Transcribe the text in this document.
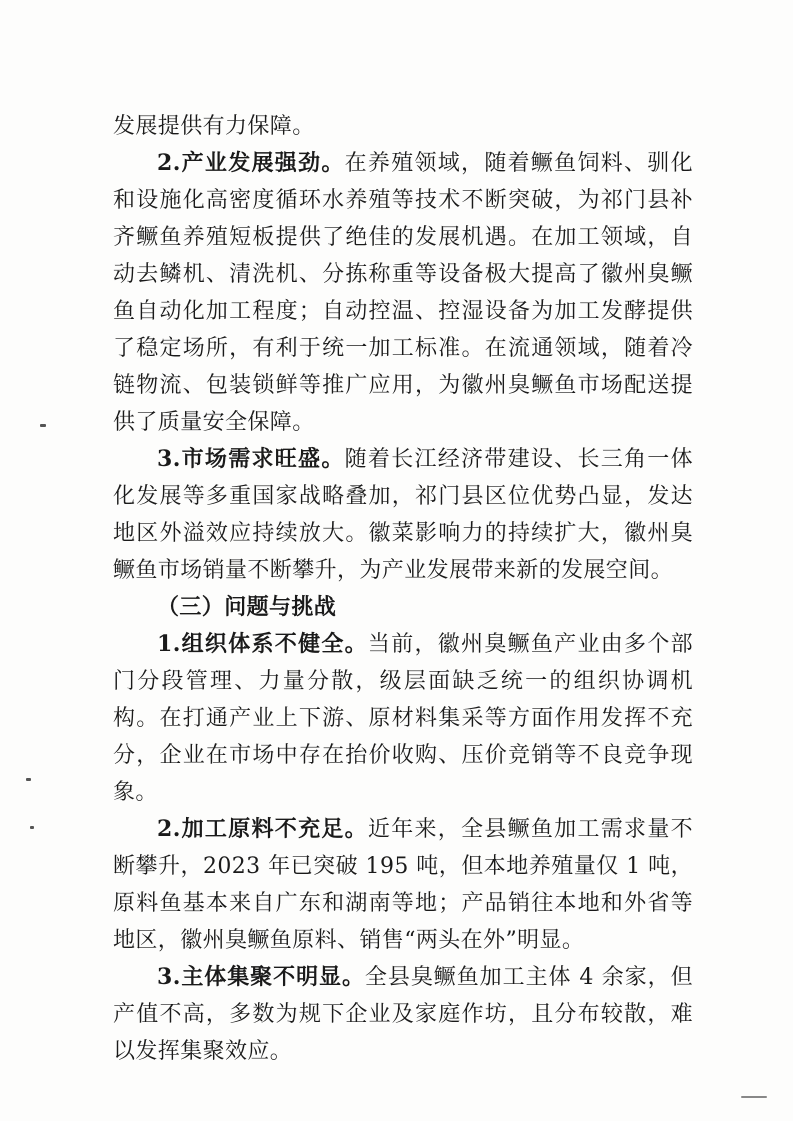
发展提供有力保障。

2.产业发展强劲。在养殖领域，随着鳜鱼饲料、驯化和设施化高密度循环水养殖等技术不断突破，为祁门县补齐鳜鱼养殖短板提供了绝佳的发展机遇。在加工领域，自动去鳞机、清洗机、分拣称重等设备极大提高了徽州臭鳜鱼自动化加工程度；自动控温、控湿设备为加工发酵提供了稳定场所，有利于统一加工标准。在流通领域，随着冷链物流、包装锁鲜等推广应用，为徽州臭鳜鱼市场配送提供了质量安全保障。

3.市场需求旺盛。随着长江经济带建设、长三角一体化发展等多重国家战略叠加，祁门县区位优势凸显，发达地区外溢效应持续放大。徽菜影响力的持续扩大，徽州臭鳜鱼市场销量不断攀升，为产业发展带来新的发展空间。

（三）问题与挑战

1.组织体系不健全。当前，徽州臭鳜鱼产业由多个部门分段管理、力量分散，级层面缺乏统一的组织协调机构。在打通产业上下游、原材料集采等方面作用发挥不充分，企业在市场中存在抬价收购、压价竞销等不良竞争现象。

2.加工原料不充足。近年来，全县鳜鱼加工需求量不断攀升，2023 年已突破 195 吨，但本地养殖量仅 1 吨，原料鱼基本来自广东和湖南等地；产品销往本地和外省等地区，徽州臭鳜鱼原料、销售“两头在外”明显。

3.主体集聚不明显。全县臭鳜鱼加工主体 4 余家，但产值不高，多数为规下企业及家庭作坊，且分布较散，难以发挥集聚效应。
